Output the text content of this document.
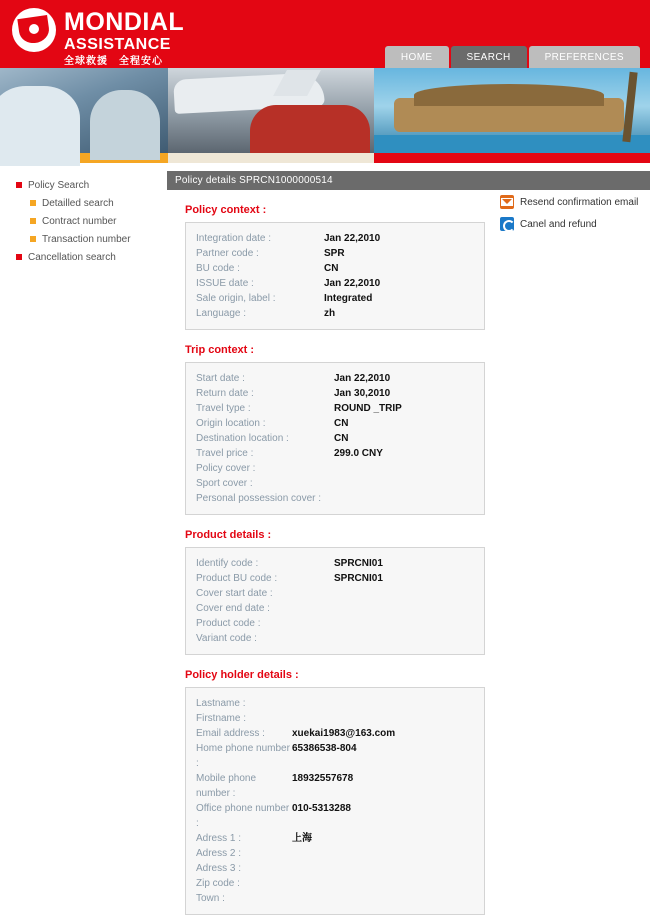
MONDIAL
ASSISTANCE
全球救援　全程安心	HOME	SEARCH	PREFERENCES
Policy Search
Detailled search
Contract number
Transaction number
Cancellation search
Policy details SPRCN1000000514
Policy context :
Integration date :	Jan 22,2010
Partner code :	SPR
BU code :	CN
ISSUE date :	Jan 22,2010
Sale origin, label :	Integrated
Language :	zh
Trip context :
Start date :	Jan 22,2010
Return date :	Jan 30,2010
Travel type :	ROUND _TRIP
Origin location :	CN
Destination location :	CN
Travel price :	299.0 CNY
Policy cover :
Sport cover :
Personal possession cover :
Product details :
Identify code :	SPRCNI01
Product BU code :	SPRCNI01
Cover start date :
Cover end date :
Product code :
Variant code :
Policy holder details :
Lastname :
Firstname :
Email address :	xuekai1983@163.com
Home phone number :
65386538-804
Mobile phone number :
18932557678
Office phone number :
010-5313288
Adress 1 :	上海
Adress 2 :
Adress 3 :
Zip code :
Town :
Resend confirmation email
Canel and refund
